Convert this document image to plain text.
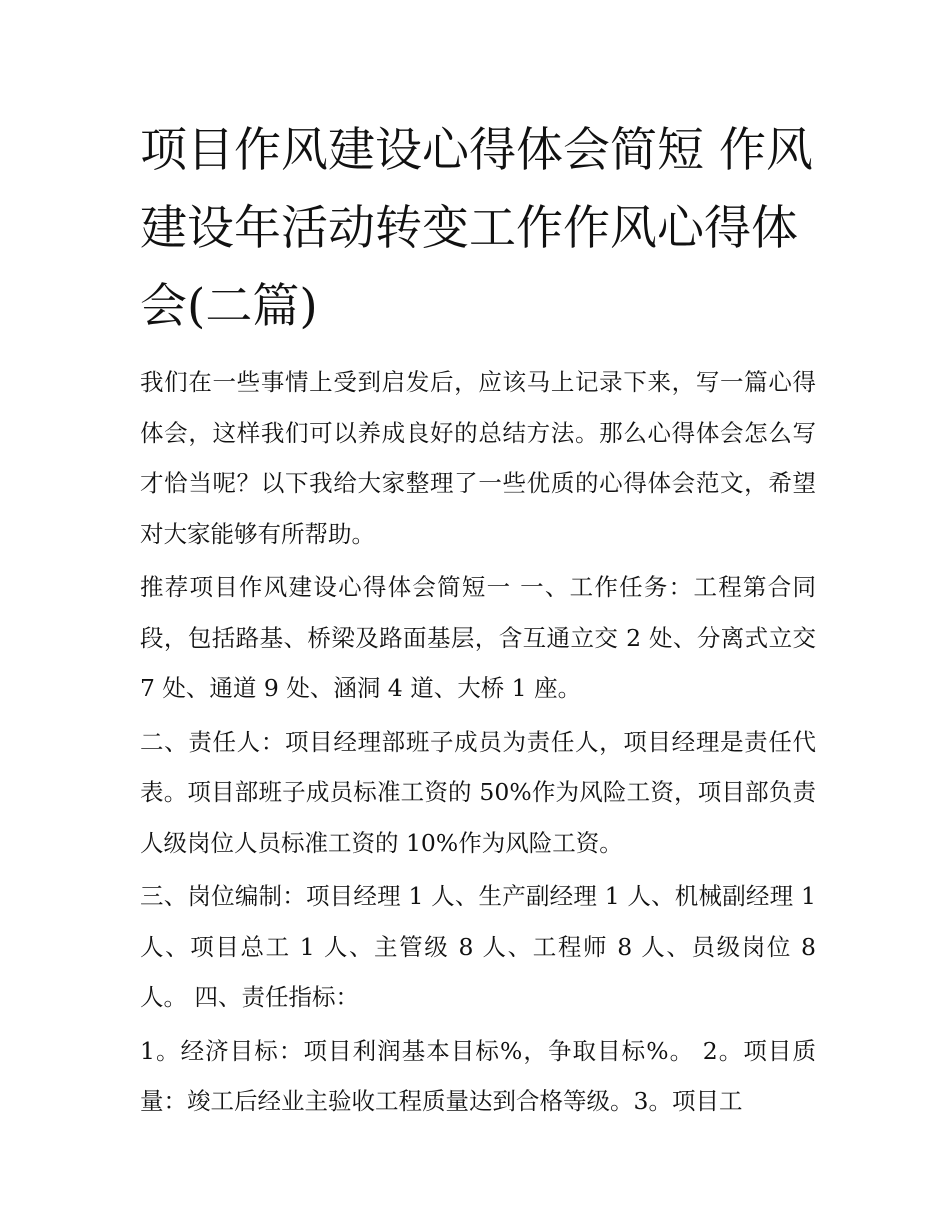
项目作风建设心得体会简短 作风建设年活动转变工作作风心得体会(二篇)

我们在一些事情上受到启发后，应该马上记录下来，写一篇心得体会，这样我们可以养成良好的总结方法。那么心得体会怎么写才恰当呢？以下我给大家整理了一些优质的心得体会范文，希望对大家能够有所帮助。

推荐项目作风建设心得体会简短一 一、工作任务：工程第合同段，包括路基、桥梁及路面基层，含互通立交 2 处、分离式立交 7 处、通道 9 处、涵洞 4 道、大桥 1 座。

二、责任人：项目经理部班子成员为责任人，项目经理是责任代表。项目部班子成员标准工资的 50%作为风险工资，项目部负责人级岗位人员标准工资的 10%作为风险工资。

三、岗位编制：项目经理 1 人、生产副经理 1 人、机械副经理 1 人、项目总工 1 人、主管级 8 人、工程师 8 人、员级岗位 8 人。 四、责任指标：

1。经济目标：项目利润基本目标%，争取目标%。 2。项目质量：竣工后经业主验收工程质量达到合格等级。3。项目工
